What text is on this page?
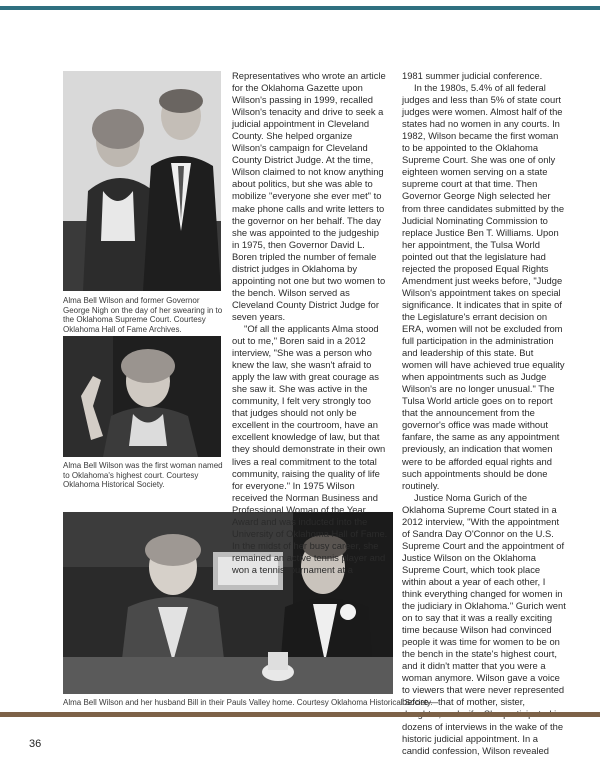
Alma Bell Wilson and former Governor George Nigh on the day of her swearing in to the Oklahoma Supreme Court. Courtesy Oklahoma Hall of Fame Archives.
Alma Bell Wilson was the first woman named to Oklahoma's highest court. Courtesy Oklahoma Historical Society.
Alma Bell Wilson and her husband Bill in their Pauls Valley home. Courtesy Oklahoma Historical Society.

Representatives who wrote an article for the Oklahoma Gazette upon Wilson's passing in 1999, recalled Wilson's tenacity and drive to seek a judicial appointment in Cleveland County. She helped organize Wilson's campaign for Cleveland County District Judge. At the time, Wilson claimed to not know anything about politics, but she was able to mobilize "everyone she ever met" to make phone calls and write letters to the governor on her behalf. The day she was appointed to the judgeship in 1975, then Governor David L. Boren tripled the number of female district judges in Oklahoma by appointing not one but two women to the bench. Wilson served as Cleveland County District Judge for seven years.

"Of all the applicants Alma stood out to me," Boren said in a 2012 interview, "She was a person who knew the law, she wasn't afraid to apply the law with great courage as she saw it. She was active in the community, I felt very strongly too that judges should not only be excellent in the courtroom, have an excellent knowledge of law, but that they should demonstrate in their own lives a real commitment to the total community, raising the quality of life for everyone." In 1975 Wilson received the Norman Business and Professional Woman of the Year Award and was inducted into the University of Oklahoma Hall of Fame. In the midst of her busy career, she remained an active tennis player and won a tennis tournament at a

1981 summer judicial conference.

In the 1980s, 5.4% of all federal judges and less than 5% of state court judges were women. Almost half of the states had no women in any courts. In 1982, Wilson became the first woman to be appointed to the Oklahoma Supreme Court. She was one of only eighteen women serving on a state supreme court at that time. Then Governor George Nigh selected her from three candidates submitted by the Judicial Nominating Commission to replace Justice Ben T. Williams. Upon her appointment, the Tulsa World pointed out that the legislature had rejected the proposed Equal Rights Amendment just weeks before, "Judge Wilson's appointment takes on special significance. It indicates that in spite of the Legislature's errant decision on ERA, women will not be excluded from full participation in the administration and leadership of this state. But women will have achieved true equality when appointments such as Judge Wilson's are no longer unusual." The Tulsa World article goes on to report that the announcement from the governor's office was made without fanfare, the same as any appointment previously, an indication that women were to be afforded equal rights and such appointments should be done routinely.

Justice Noma Gurich of the Oklahoma Supreme Court stated in a 2012 interview, "With the appointment of Sandra Day O'Connor on the U.S. Supreme Court and the appointment of Justice Wilson on the Oklahoma Supreme Court, which took place within about a year of each other, I think everything changed for women in the judiciary in Oklahoma." Gurich went on to say that it was a really exciting time because Wilson had convinced people it was time for women to be on the bench in the state's highest court, and it didn't matter that you were a woman anymore. Wilson gave a voice to viewers that were never represented before—that of mother, sister, dozens of interviews in the wake of the historic judicial appointment. In a candid confession, Wilson revealed

36
